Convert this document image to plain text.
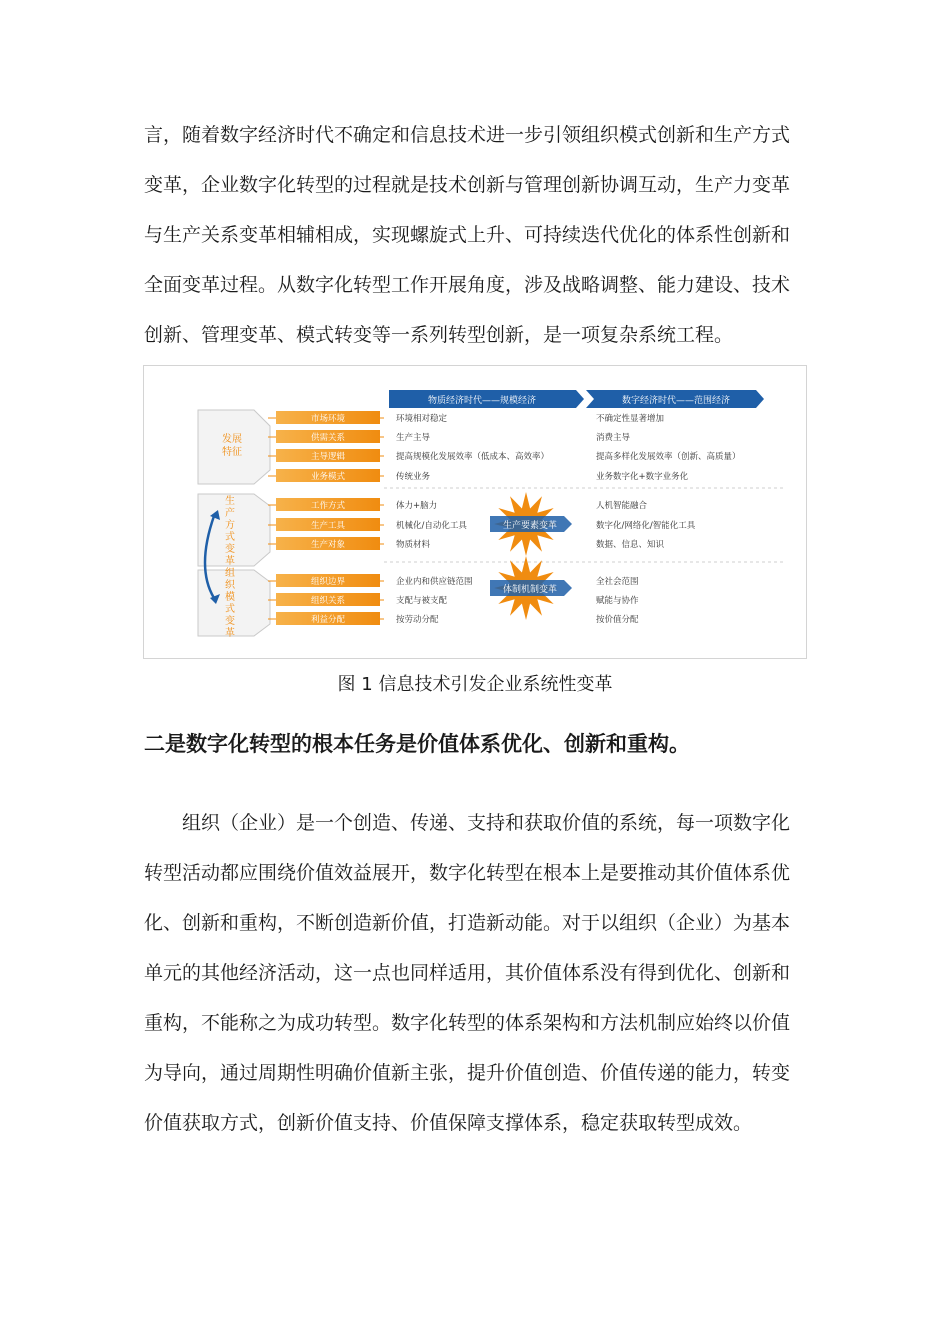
言，随着数字经济时代不确定和信息技术进一步引领组织模式创新和生产方式
变革，企业数字化转型的过程就是技术创新与管理创新协调互动，生产力变革
与生产关系变革相辅相成，实现螺旋式上升、可持续迭代优化的体系性创新和
全面变革过程。从数字化转型工作开展角度，涉及战略调整、能力建设、技术
创新、管理变革、模式转变等一系列转型创新，是一项复杂系统工程。
物质经济时代——规模经济	数字经济时代——范围经济
发展特征
生产方式变革
组织模式变革
市场环境	环境相对稳定	不确定性显著增加
供需关系	生产主导	消费主导
主导逻辑	提高规模化发展效率（低成本、高效率）	提高多样化发展效率（创新、高质量）
业务模式	传统业务	业务数字化+数字业务化
工作方式	体力+脑力	人机智能融合
生产工具	机械化/自动化工具	数字化/网络化/智能化工具
生产对象	物质材料	数据、信息、知识
组织边界	企业内和供应链范围	全社会范围
组织关系	支配与被支配	赋能与协作
利益分配	按劳动分配	按价值分配
生产要素变革
体制机制变革
图 1 信息技术引发企业系统性变革
二是数字化转型的根本任务是价值体系优化、创新和重构。
组织（企业）是一个创造、传递、支持和获取价值的系统，每一项数字化
转型活动都应围绕价值效益展开，数字化转型在根本上是要推动其价值体系优
化、创新和重构，不断创造新价值，打造新动能。对于以组织（企业）为基本
单元的其他经济活动，这一点也同样适用，其价值体系没有得到优化、创新和
重构，不能称之为成功转型。数字化转型的体系架构和方法机制应始终以价值
为导向，通过周期性明确价值新主张，提升价值创造、价值传递的能力，转变
价值获取方式，创新价值支持、价值保障支撑体系，稳定获取转型成效。
